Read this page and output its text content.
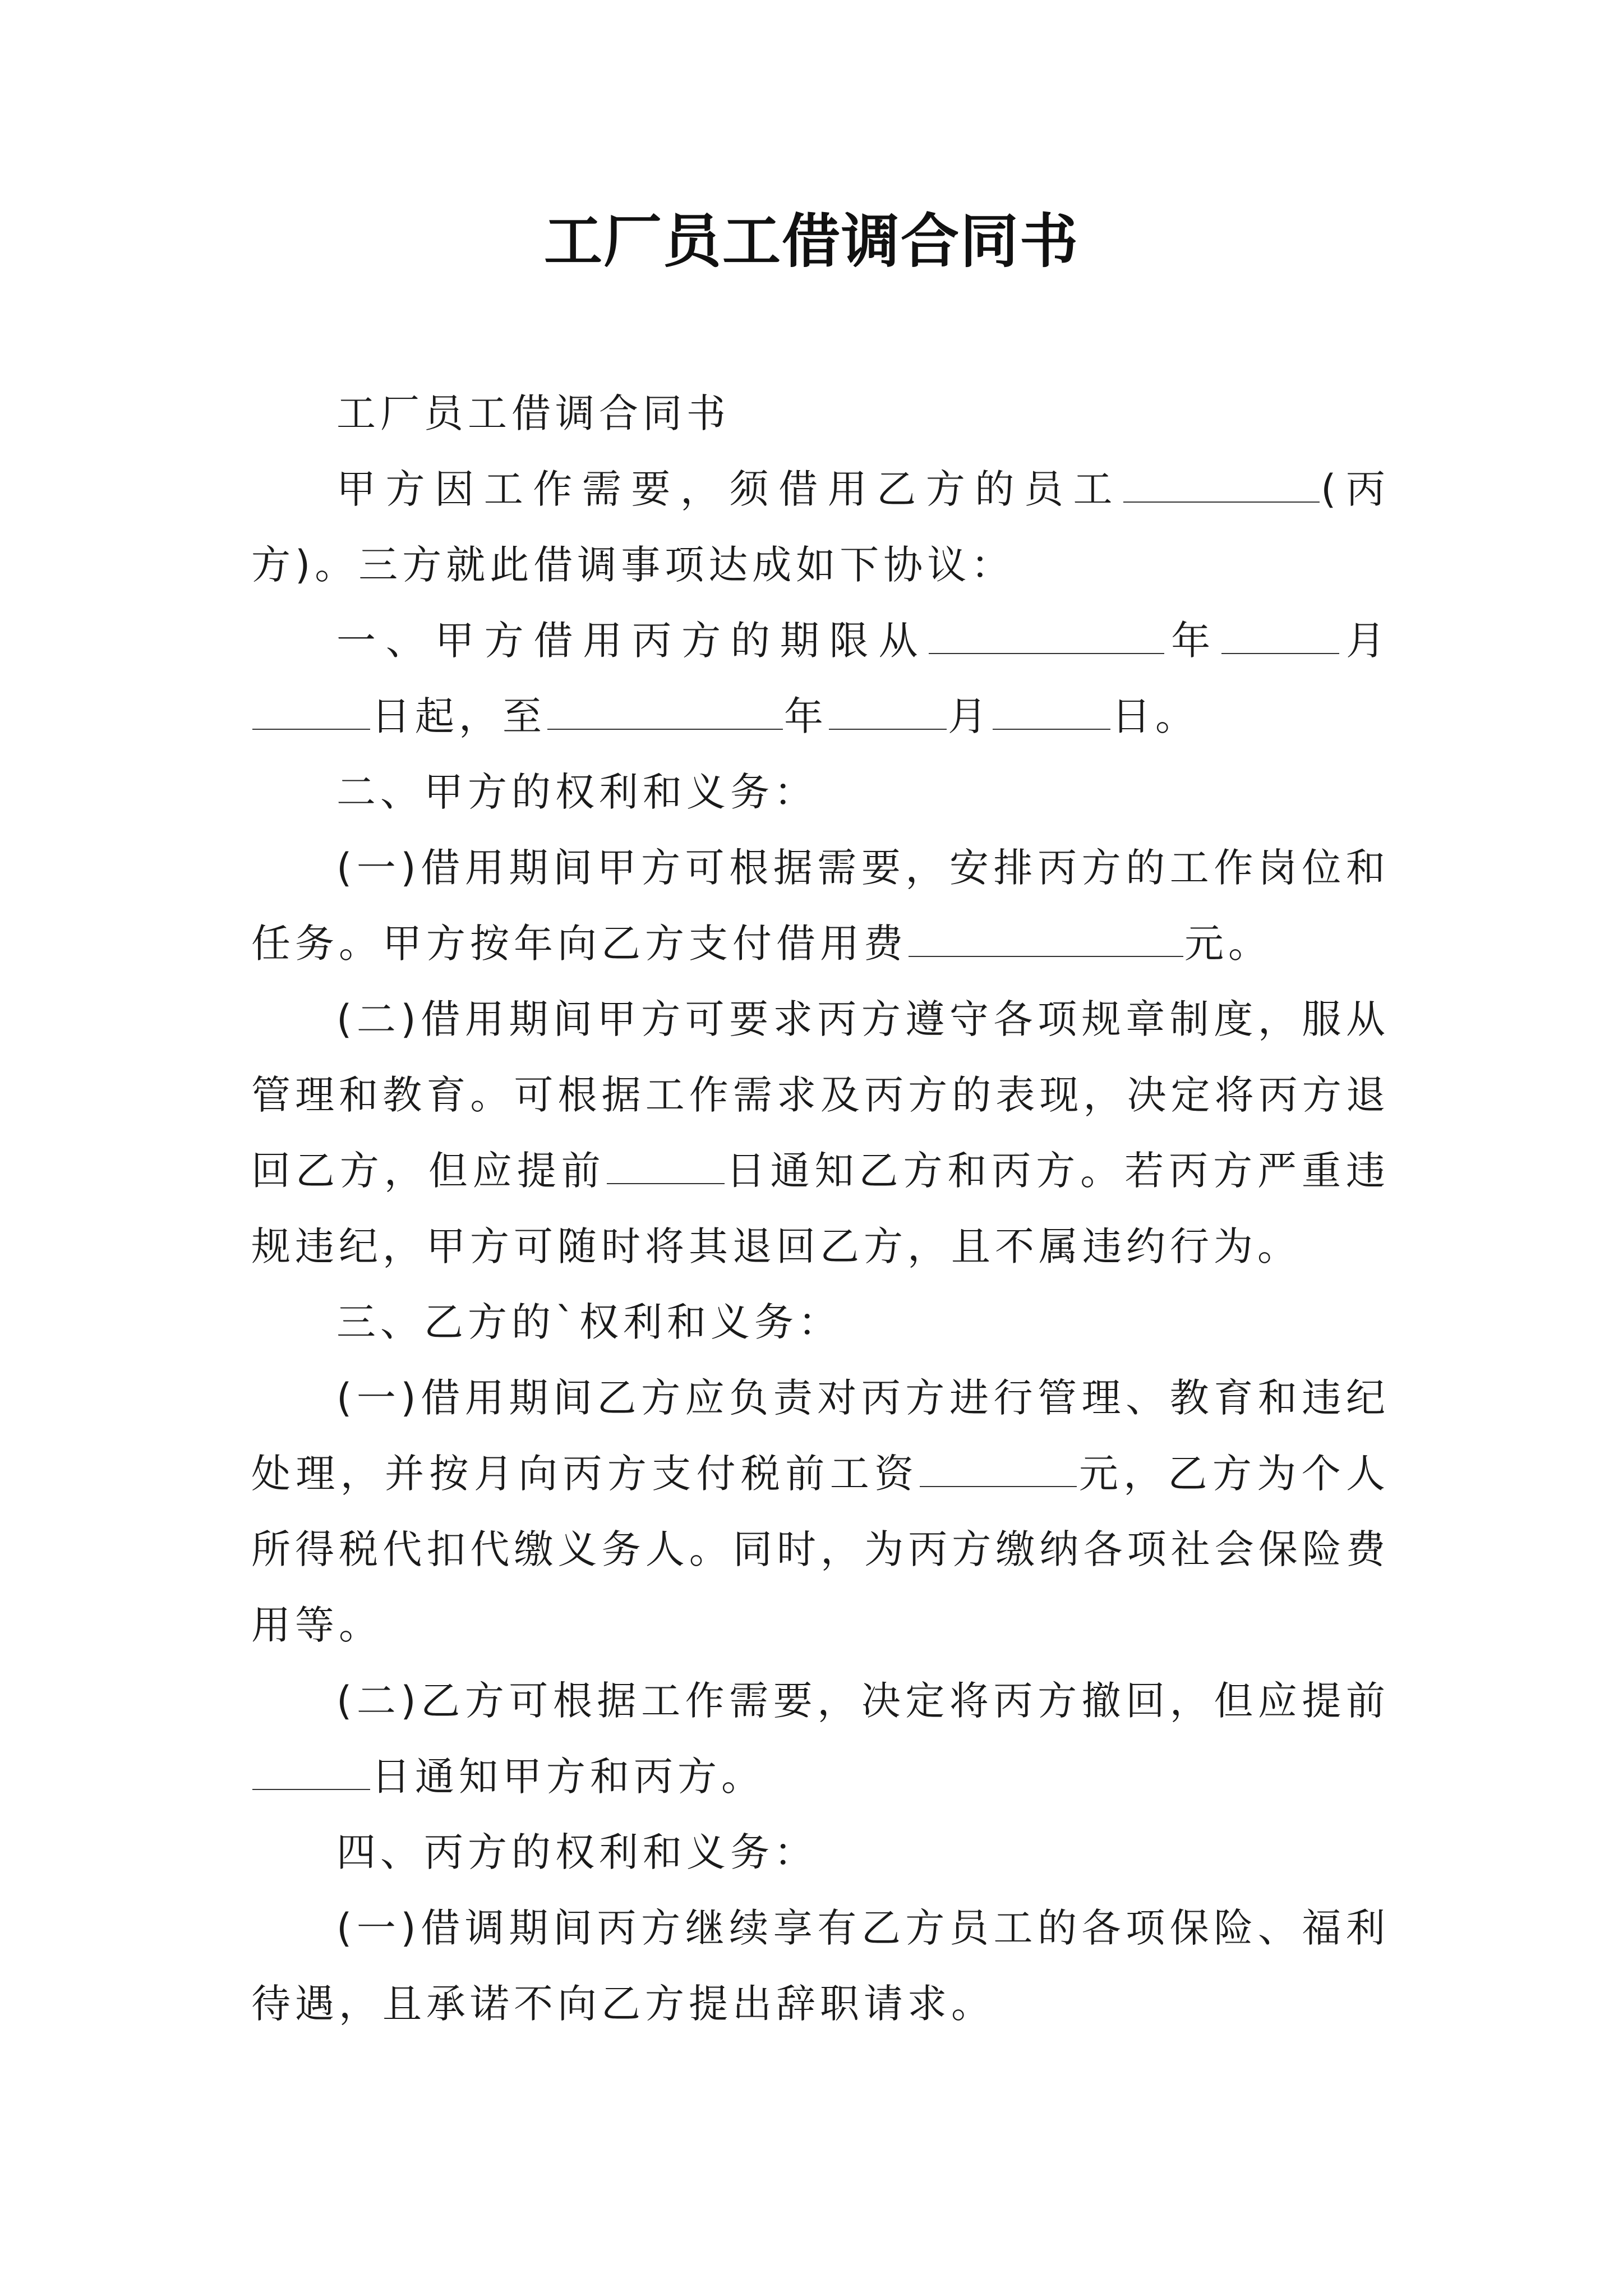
工厂员工借调合同书

工厂员工借调合同书

甲方因工作需要，须借用乙方的员工	(丙方)。三方就此借调事项达成如下协议：

一、甲方借用丙方的期限从	年	月日起，至	年	月	日。

二、甲方的权利和义务：

(一)借用期间甲方可根据需要，安排丙方的工作岗位和任务。甲方按年向乙方支付借用费	元。

(二)借用期间甲方可要求丙方遵守各项规章制度，服从管理和教育。可根据工作需求及丙方的表现，决定将丙方退回乙方，但应提前	日通知乙方和丙方。若丙方严重违规违纪，甲方可随时将其退回乙方，且不属违约行为。

三、乙方的`权利和义务：

(一)借用期间乙方应负责对丙方进行管理、教育和违纪处理，并按月向丙方支付税前工资	元，乙方为个人所得税代扣代缴义务人。同时，为丙方缴纳各项社会保险费用等。

(二)乙方可根据工作需要，决定将丙方撤回，但应提前日通知甲方和丙方。

四、丙方的权利和义务：

(一)借调期间丙方继续享有乙方员工的各项保险、福利待遇，且承诺不向乙方提出辞职请求。
